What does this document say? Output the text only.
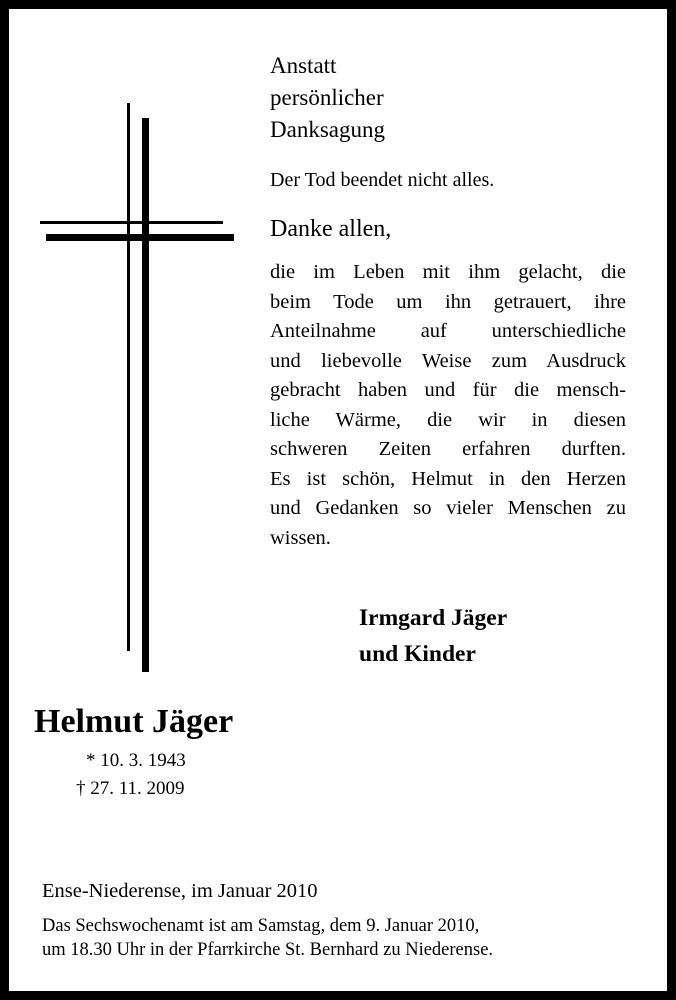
Anstatt
persönlicher
Danksagung
Der Tod beendet nicht alles.
Danke allen,
die im Leben mit ihm gelacht, die
beim Tode um ihn getrauert, ihre
Anteilnahme auf unterschiedliche
und liebevolle Weise zum Ausdruck
gebracht haben und für die mensch-
liche Wärme, die wir in diesen
schweren Zeiten erfahren durften.
Es ist schön, Helmut in den Herzen
und Gedanken so vieler Menschen zu
wissen.
Irmgard Jäger
und Kinder
Helmut Jäger
* 10. 3. 1943
† 27. 11. 2009
Ense-Niederense, im Januar 2010
Das Sechswochenamt ist am Samstag, dem 9. Januar 2010,
um 18.30 Uhr in der Pfarrkirche St. Bernhard zu Niederense.
